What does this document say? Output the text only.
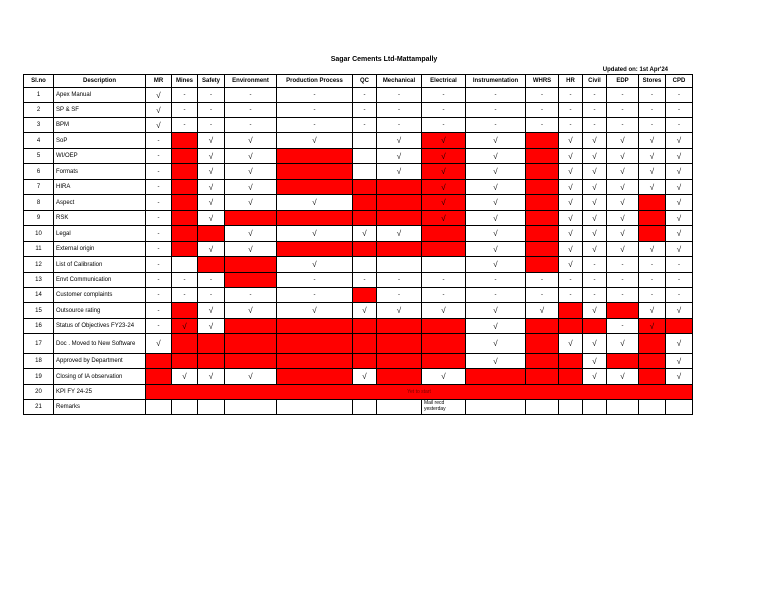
Sagar Cements Ltd-Mattampally
Updated on: 1st Apr'24
Sl.no	Description	MR	Mines	Safety	Environment	Production Process	QC	Mechanical	Electrical	Instrumentation	WHRS	HR	Civil	EDP	Stores	CPD
1	Apex Manual	√	-	-	-	-	-	-	-	-	-	-	-	-	-	-
2	SP & SF	√	-	-	-	-	-	-	-	-	-	-	-	-	-	-
3	BPM	√	-	-	-	-	-	-	-	-	-	-	-	-	-	-
4	SoP	-		√	√	√		√	√	√		√	√	√	√	√
5	WI/OEP	-		√	√			√	√	√		√	√	√	√	√
6	Formats	-		√	√			√	√	√		√	√	√	√	√
7	HIRA	-		√	√				√	√		√	√	√	√	√
8	Aspect	-		√	√	√			√	√		√	√	√		√
9	RSK	-		√					√	√		√	√	√		√
10	Legal	-			√	√	√	√		√		√	√	√		√
11	External origin	-		√	√					√		√	√	√	√	√
12	List of Calibration	-				√				√		√	-	-	-	-
13	Envt Communication	-	-	-		-	-	-	-	-	-	-	-	-	-	-
14	Customer complaints	-	-	-	-	-		-	-	-	-	-	-	-	-	-
15	Outsource rating	-		√	√	√	√	√	√	√	√		√		√	√
16	Status of Objectives FY23-24	-	√	√						√				-	√	
17	Doc . Moved to New Software	√								√		√	√	√		√
18	Approved by Department									√			√			√
19	Closing of IA observation		√	√	√		√		√				√	√		√
20	KPI FY 24-25	Yet to start														
21	Remarks								Mail recd yesterday							
